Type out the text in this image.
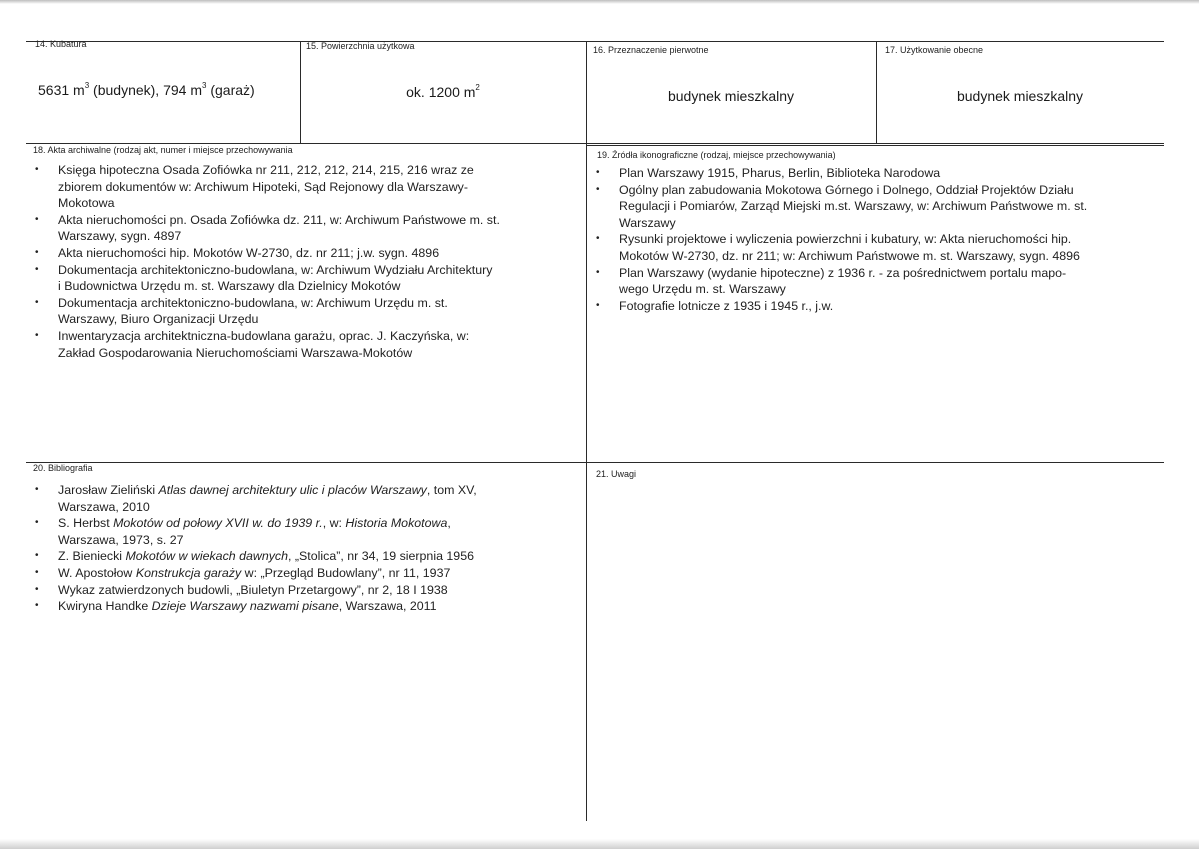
14. Kubatura
5631 $m^3$ (budynek), 794 $m^3$ (garaż)
15. Powierzchnia użytkowa
ok. 1200 $m^2$
16. Przeznaczenie pierwotne
budynek mieszkalny
17. Użytkowanie obecne
budynek mieszkalny
18. Akta archiwalne (rodzaj akt, numer i miejsce przechowywania
• Księga hipoteczna Osada Zofiówka nr 211, 212, 212, 214, 215, 216 wraz ze
zbiorem dokumentów w: Archiwum Hipoteki, Sąd Rejonowy dla Warszawy-
Mokotowa
• Akta nieruchomości pn. Osada Zofiówka dz. 211, w: Archiwum Państwowe m. st.
Warszawy, sygn. 4897
• Akta nieruchomości hip. Mokotów W-2730, dz. nr 211; j.w. sygn. 4896
• Dokumentacja architektoniczno-budowlana, w: Archiwum Wydziału Architektury
i Budownictwa Urzędu m. st. Warszawy dla Dzielnicy Mokotów
• Dokumentacja architektoniczno-budowlana, w: Archiwum Urzędu m. st.
Warszawy, Biuro Organizacji Urzędu
• Inwentaryzacja architektniczna-budowlana garażu, oprac. J. Kaczyńska, w:
Zakład Gospodarowania Nieruchomościami Warszawa-Mokotów
19. Źródła ikonograficzne (rodzaj, miejsce przechowywania)
• Plan Warszawy 1915, Pharus, Berlin, Biblioteka Narodowa
• Ogólny plan zabudowania Mokotowa Górnego i Dolnego, Oddział Projektów Działu
Regulacji i Pomiarów, Zarząd Miejski m.st. Warszawy, w: Archiwum Państwowe m. st.
Warszawy
• Rysunki projektowe i wyliczenia powierzchni i kubatury, w: Akta nieruchomości hip.
Mokotów W-2730, dz. nr 211; w: Archiwum Państwowe m. st. Warszawy, sygn. 4896
• Plan Warszawy (wydanie hipoteczne) z 1936 r. - za pośrednictwem portalu mapo-
wego Urzędu m. st. Warszawy
• Fotografie lotnicze z 1935 i 1945 r., j.w.
20. Bibliografia
• Jarosław Zieliński Atlas dawnej architektury ulic i placów Warszawy, tom XV,
Warszawa, 2010
• S. Herbst Mokotów od połowy XVII w. do 1939 r., w: Historia Mokotowa,
Warszawa, 1973, s. 27
• Z. Bieniecki Mokotów w wiekach dawnych, „Stolica”, nr 34, 19 sierpnia 1956
• W. Apostołow Konstrukcja garaży w: „Przegląd Budowlany”, nr 11, 1937
• Wykaz zatwierdzonych budowli, „Biuletyn Przetargowy”, nr 2, 18 I 1938
• Kwiryna Handke Dzieje Warszawy nazwami pisane, Warszawa, 2011
21. Uwagi
